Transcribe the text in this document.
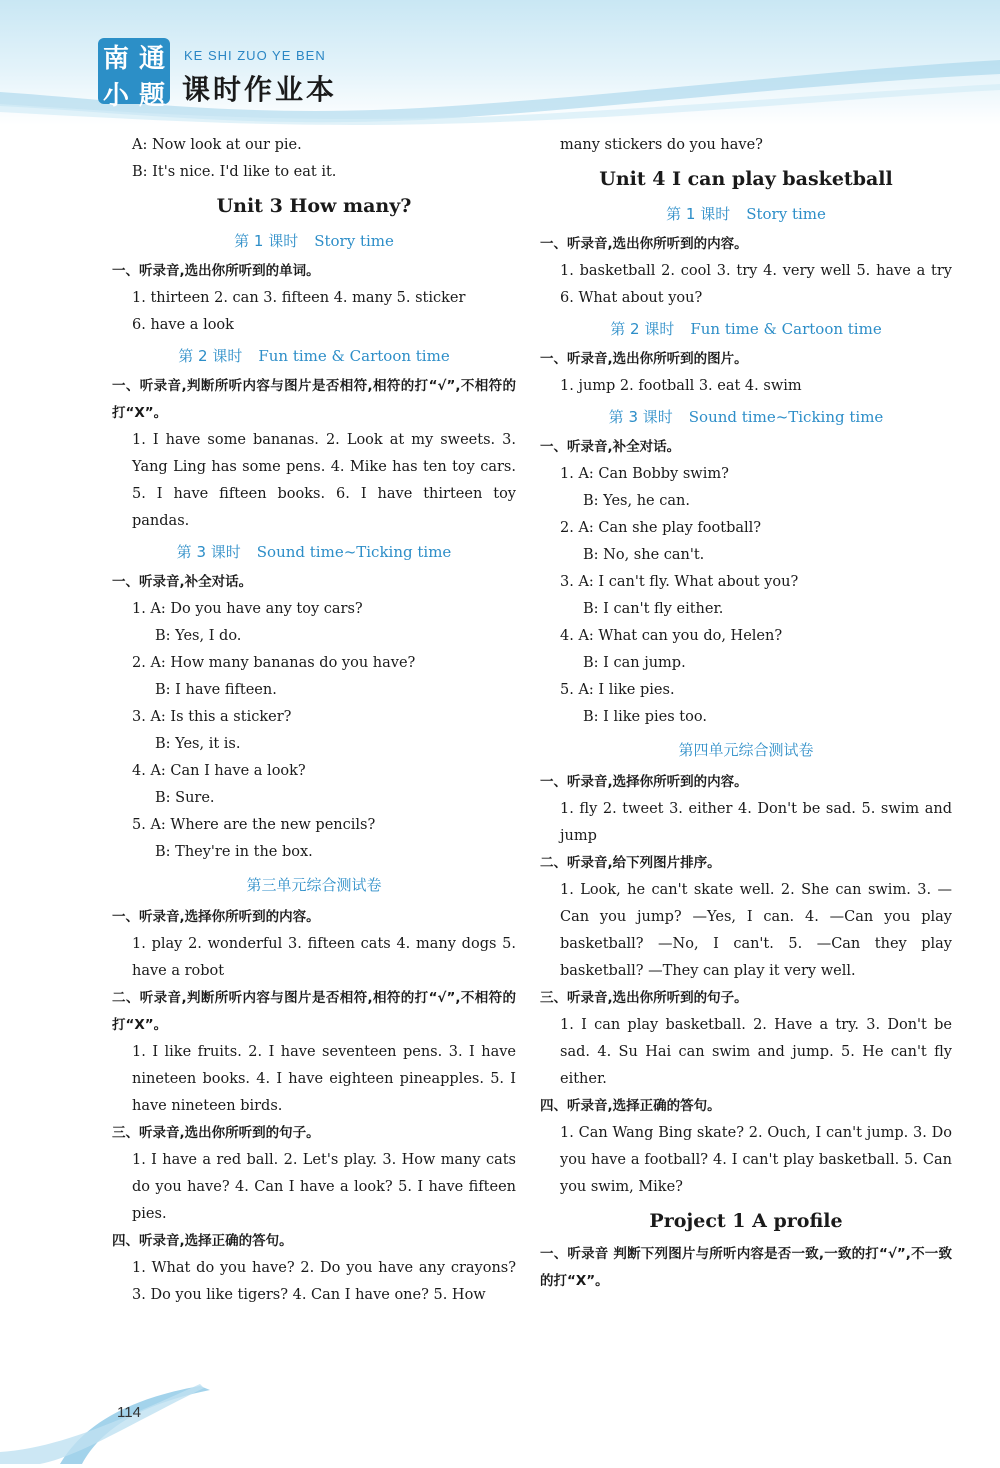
南 通
小 题
KE SHI ZUO YE BEN
课时作业本
A: Now look at our pie.
B: It's nice. I'd like to eat it.
Unit 3 How many?
第 1 课时 Story time
一、听录音,选出你所听到的单词。
1. thirteen 2. can 3. fifteen 4. many 5. sticker
6. have a look
第 2 课时 Fun time & Cartoon time
一、听录音,判断所听内容与图片是否相符,相符的打“√”,不相符的打“X”。
1. I have some bananas. 2. Look at my sweets. 3. Yang Ling has some pens. 4. Mike has ten toy cars. 5. I have fifteen books. 6. I have thirteen toy pandas.
第 3 课时 Sound time~Ticking time
一、听录音,补全对话。
1. A: Do you have any toy cars?
B: Yes, I do.
2. A: How many bananas do you have?
B: I have fifteen.
3. A: Is this a sticker?
B: Yes, it is.
4. A: Can I have a look?
B: Sure.
5. A: Where are the new pencils?
B: They're in the box.
第三单元综合测试卷
一、听录音,选择你所听到的内容。
1. play 2. wonderful 3. fifteen cats 4. many dogs 5. have a robot
二、听录音,判断所听内容与图片是否相符,相符的打“√”,不相符的打“X”。
1. I like fruits. 2. I have seventeen pens. 3. I have nineteen books. 4. I have eighteen pineapples. 5. I have nineteen birds.
三、听录音,选出你所听到的句子。
1. I have a red ball. 2. Let's play. 3. How many cats do you have? 4. Can I have a look? 5. I have fifteen pies.
四、听录音,选择正确的答句。
1. What do you have? 2. Do you have any crayons? 3. Do you like tigers? 4. Can I have one? 5. How
many stickers do you have?
Unit 4 I can play basketball
第 1 课时 Story time
一、听录音,选出你所听到的内容。
1. basketball 2. cool 3. try 4. very well 5. have a try 6. What about you?
第 2 课时 Fun time & Cartoon time
一、听录音,选出你所听到的图片。
1. jump 2. football 3. eat 4. swim
第 3 课时 Sound time~Ticking time
一、听录音,补全对话。
1. A: Can Bobby swim?
B: Yes, he can.
2. A: Can she play football?
B: No, she can't.
3. A: I can't fly. What about you?
B: I can't fly either.
4. A: What can you do, Helen?
B: I can jump.
5. A: I like pies.
B: I like pies too.
第四单元综合测试卷
一、听录音,选择你所听到的内容。
1. fly 2. tweet 3. either 4. Don't be sad. 5. swim and jump
二、听录音,给下列图片排序。
1. Look, he can't skate well. 2. She can swim. 3. —Can you jump? —Yes, I can. 4. —Can you play basketball? —No, I can't. 5. —Can they play basketball? —They can play it very well.
三、听录音,选出你所听到的句子。
1. I can play basketball. 2. Have a try. 3. Don't be sad. 4. Su Hai can swim and jump. 5. He can't fly either.
四、听录音,选择正确的答句。
1. Can Wang Bing skate? 2. Ouch, I can't jump. 3. Do you have a football? 4. I can't play basketball. 5. Can you swim, Mike?
Project 1 A profile
一、听录音 判断下列图片与所听内容是否一致,一致的打“√”,不一致的打“X”。
114
